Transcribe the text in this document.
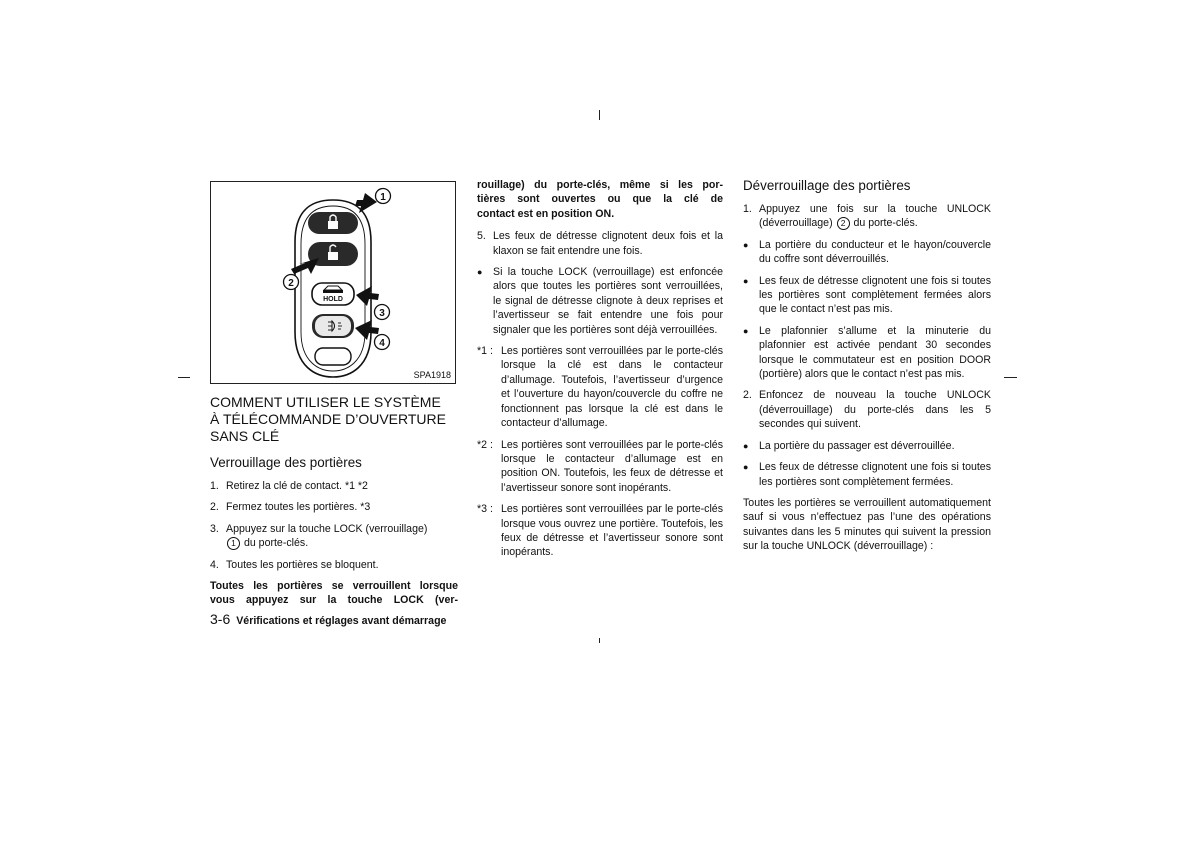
HOLD
1
2
3
4
SPA1918
COMMENT UTILISER LE SYSTÈME
À TÉLÉCOMMANDE D’OUVERTURE
SANS CLÉ
Verrouillage des portières
1. Retirez la clé de contact. *1 *2
2. Fermez toutes les portières. *3
3. Appuyez sur la touche LOCK (verrouillage)
1 du porte-clés.
4. Toutes les portières se bloquent.
Toutes les portières se verrouillent lorsque
vous appuyez sur la touche LOCK (ver-
rouillage) du porte-clés, même si les por-
tières sont ouvertes ou que la clé de
contact est en position ON.
5. Les feux de détresse clignotent deux fois et la klaxon se fait entendre une fois.
● Si la touche LOCK (verrouillage) est enfoncée alors que toutes les portières sont verrouillées, le signal de détresse clignote à deux reprises et l’avertisseur se fait entendre une fois pour signaler que les portières sont déjà verrouillées.
*1 : Les portières sont verrouillées par le porte-clés lorsque la clé est dans le contacteur d’allumage. Toutefois, l’avertisseur d’urgence et l’ouverture du hayon/couvercle du coffre ne fonctionnent pas lorsque la clé est dans le contacteur d’allumage.
*2 : Les portières sont verrouillées par le porte-clés lorsque le contacteur d’allumage est en position ON. Toutefois, les feux de détresse et l’avertisseur sonore sont inopérants.
*3 : Les portières sont verrouillées par le porte-clés lorsque vous ouvrez une portière. Toutefois, les feux de détresse et l’avertisseur sonore sont inopérants.
Déverrouillage des portières
1. Appuyez une fois sur la touche UNLOCK (déverrouillage) 2 du porte-clés.
● La portière du conducteur et le hayon/couvercle du coffre sont déverrouillés.
● Les feux de détresse clignotent une fois si toutes les portières sont complètement fermées alors que le contact n’est pas mis.
● Le plafonnier s’allume et la minuterie du plafonnier est activée pendant 30 secondes lorsque le commutateur est en position DOOR (portière) alors que le contact n’est pas mis.
2. Enfoncez de nouveau la touche UNLOCK (déverrouillage) du porte-clés dans les 5 secondes qui suivent.
● La portière du passager est déverrouillée.
● Les feux de détresse clignotent une fois si toutes les portières sont complètement fermées.

Toutes les portières se verrouillent automatiquement sauf si vous n’effectuez pas l’une des opérations suivantes dans les 5 minutes qui suivent la pression sur la touche UNLOCK (déverrouillage) :

3-6 Vérifications et réglages avant démarrage
